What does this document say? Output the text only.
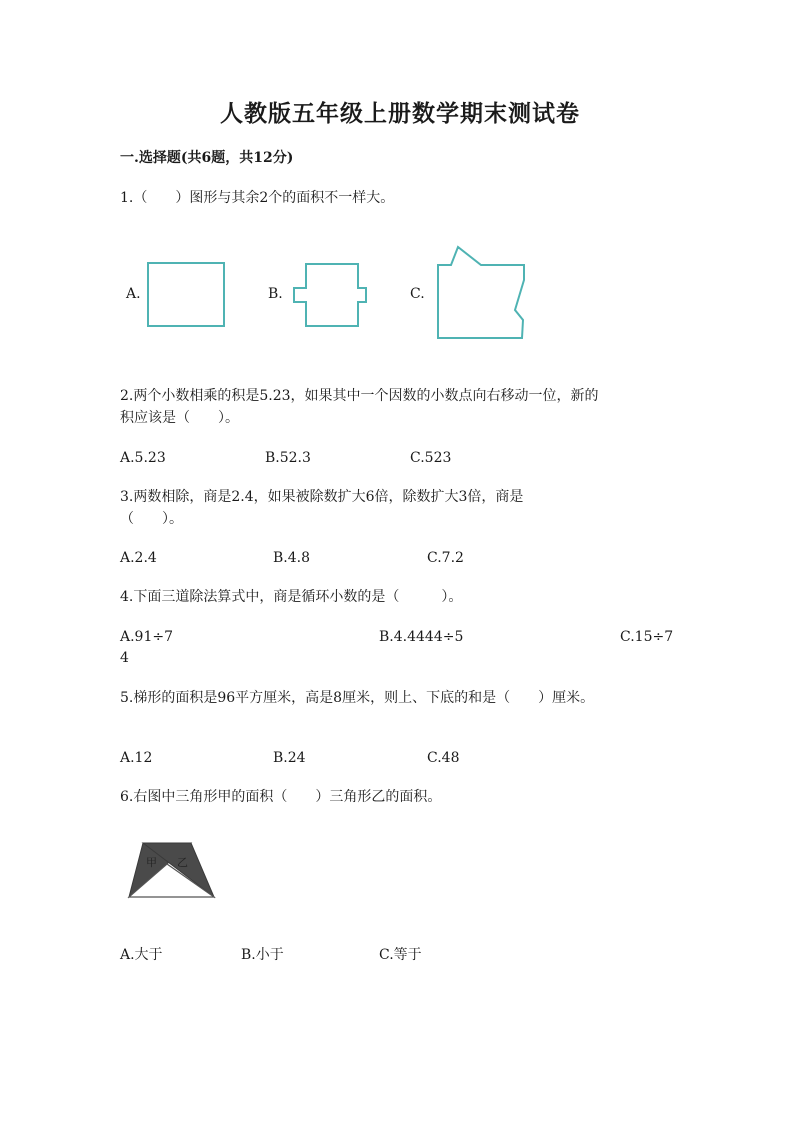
人教版五年级上册数学期末测试卷
一.选择题(共6题，共12分)
1.（　　）图形与其余2个的面积不一样大。
A.	B.	C.
2.两个小数相乘的积是5.23，如果其中一个因数的小数点向右移动一位，新的
积应该是（　　）。
A.5.23	B.52.3	C.523
3.两数相除，商是2.4，如果被除数扩大6倍，除数扩大3倍，商是
（　　）。
A.2.4	B.4.8	C.7.2
4.下面三道除法算式中，商是循环小数的是（　　　）。
A.91÷7	B.4.4444÷5	C.15÷7
4
5.梯形的面积是96平方厘米，高是8厘米，则上、下底的和是（　　）厘米。
A.12	B.24	C.48
6.右图中三角形甲的面积（　　）三角形乙的面积。
甲 乙
A.大于	B.小于	C.等于
